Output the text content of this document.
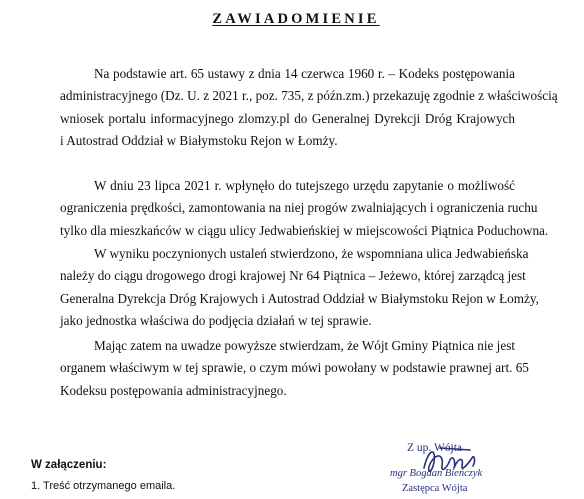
ZAWIADOMIENIE
Na podstawie art. 65 ustawy z dnia 14 czerwca 1960 r. – Kodeks postępowania
administracyjnego (Dz. U. z 2021 r., poz. 735, z późn.zm.) przekazuję zgodnie z właściwością
wniosek portalu informacyjnego zlomzy.pl do Generalnej Dyrekcji Dróg Krajowych
i Autostrad Oddział w Białymstoku Rejon w Łomży.
W dniu 23 lipca 2021 r. wpłynęło do tutejszego urzędu zapytanie o możliwość
ograniczenia prędkości, zamontowania na niej progów zwalniających i ograniczenia ruchu
tylko dla mieszkańców w ciągu ulicy Jedwabieńskiej w miejscowości Piątnica Poduchowna.
W wyniku poczynionych ustaleń stwierdzono, że wspomniana ulica Jedwabieńska
należy do ciągu drogowego drogi krajowej Nr 64 Piątnica – Jeżewo, której zarządcą jest
Generalna Dyrekcja Dróg Krajowych i Autostrad Oddział w Białymstoku Rejon w Łomży,
jako jednostka właściwa do podjęcia działań w tej sprawie.
Mając zatem na uwadze powyższe stwierdzam, że Wójt Gminy Piątnica nie jest
organem właściwym w tej sprawie, o czym mówi powołany w podstawie prawnej art. 65
Kodeksu postępowania administracyjnego.
W załączeniu:
1. Treść otrzymanego emaila.
Z up. Wójta
mgr Bogdan Bieńczyk
Zastępca Wójta
